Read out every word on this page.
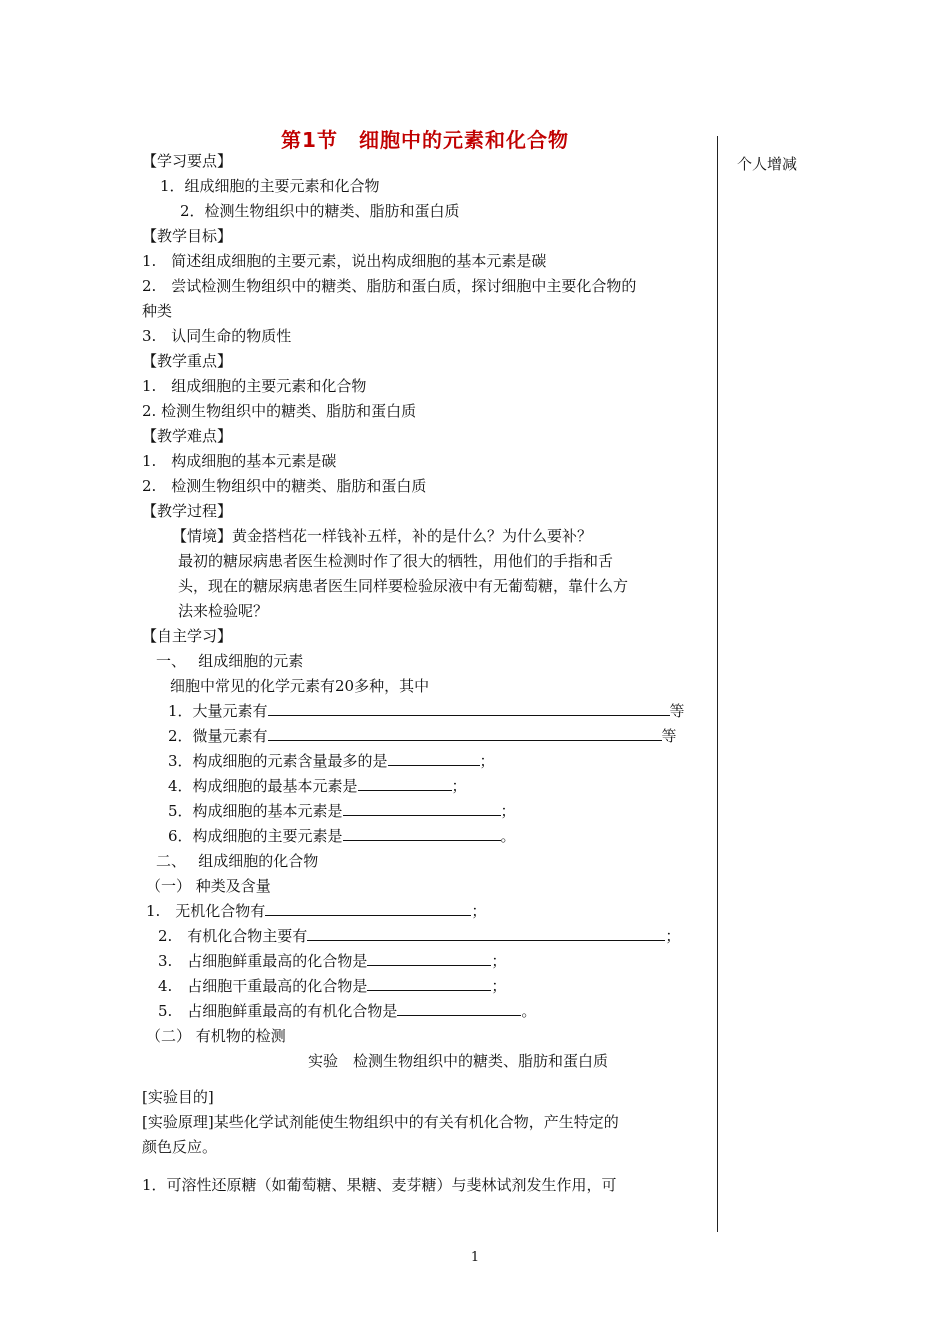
第1节　细胞中的元素和化合物
个人增减
【学习要点】
1．组成细胞的主要元素和化合物
2．检测生物组织中的糖类、脂肪和蛋白质
【教学目标】
1.　简述组成细胞的主要元素，说出构成细胞的基本元素是碳
2.　尝试检测生物组织中的糖类、脂肪和蛋白质，探讨细胞中主要化合物的
种类
3.　认同生命的物质性
【教学重点】
1.　组成细胞的主要元素和化合物
2. 检测生物组织中的糖类、脂肪和蛋白质
【教学难点】
1.　构成细胞的基本元素是碳
2.　检测生物组织中的糖类、脂肪和蛋白质
【教学过程】
【情境】黄金搭档花一样钱补五样，补的是什么？为什么要补？
最初的糖尿病患者医生检测时作了很大的牺牲，用他们的手指和舌
头，现在的糖尿病患者医生同样要检验尿液中有无葡萄糖，靠什么方
法来检验呢？
【自主学习】
一、　 组成细胞的元素
细胞中常见的化学元素有20多种，其中
1．大量元素有	等
2．微量元素有	等
3．构成细胞的元素含量最多的是	；
4．构成细胞的最基本元素是	；
5．构成细胞的基本元素是	；
6．构成细胞的主要元素是	。
二、　 组成细胞的化合物
（一） 种类及含量
1.　无机化合物有	；
2.　有机化合物主要有	；
3.　占细胞鲜重最高的化合物是	；
4.　占细胞干重最高的化合物是	；
5.　占细胞鲜重最高的有机化合物是	。
（二） 有机物的检测
实验　检测生物组织中的糖类、脂肪和蛋白质
[实验目的]
[实验原理]某些化学试剂能使生物组织中的有关有机化合物，产生特定的
颜色反应。
1．可溶性还原糖（如葡萄糖、果糖、麦芽糖）与斐林试剂发生作用，可
1
